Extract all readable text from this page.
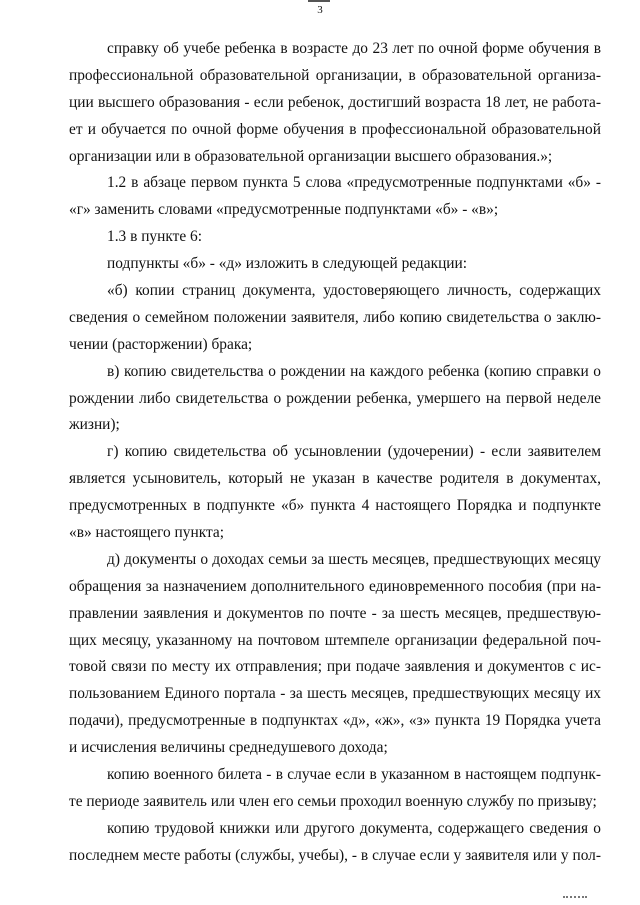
3
справку об учебе ребенка в возрасте до 23 лет по очной форме обучения в
профессиональной образовательной организации, в образовательной организа-
ции высшего образования - если ребенок, достигший возраста 18 лет, не работа-
ет и обучается по очной форме обучения в профессиональной образовательной
организации или в образовательной организации высшего образования.»;
1.2 в абзаце первом пункта 5 слова «предусмотренные подпунктами «б» -
«г» заменить словами «предусмотренные подпунктами «б» - «в»;
1.3 в пункте 6:
подпункты «б» - «д» изложить в следующей редакции:
«б) копии страниц документа, удостоверяющего личность, содержащих
сведения о семейном положении заявителя, либо копию свидетельства о заклю-
чении (расторжении) брака;
в) копию свидетельства о рождении на каждого ребенка (копию справки о
рождении либо свидетельства о рождении ребенка, умершего на первой неделе
жизни);
г) копию свидетельства об усыновлении (удочерении) - если заявителем
является усыновитель, который не указан в качестве родителя в документах,
предусмотренных в подпункте «б» пункта 4 настоящего Порядка и подпункте
«в» настоящего пункта;
д) документы о доходах семьи за шесть месяцев, предшествующих месяцу
обращения за назначением дополнительного единовременного пособия (при на-
правлении заявления и документов по почте - за шесть месяцев, предшествую-
щих месяцу, указанному на почтовом штемпеле организации федеральной поч-
товой связи по месту их отправления; при подаче заявления и документов с ис-
пользованием Единого портала - за шесть месяцев, предшествующих месяцу их
подачи), предусмотренные в подпунктах «д», «ж», «з» пункта 19 Порядка учета
и исчисления величины среднедушевого дохода;
копию военного билета - в случае если в указанном в настоящем подпунк-
те периоде заявитель или член его семьи проходил военную службу по призыву;
копию трудовой книжки или другого документа, содержащего сведения о
последнем месте работы (службы, учебы), - в случае если у заявителя или у пол-
